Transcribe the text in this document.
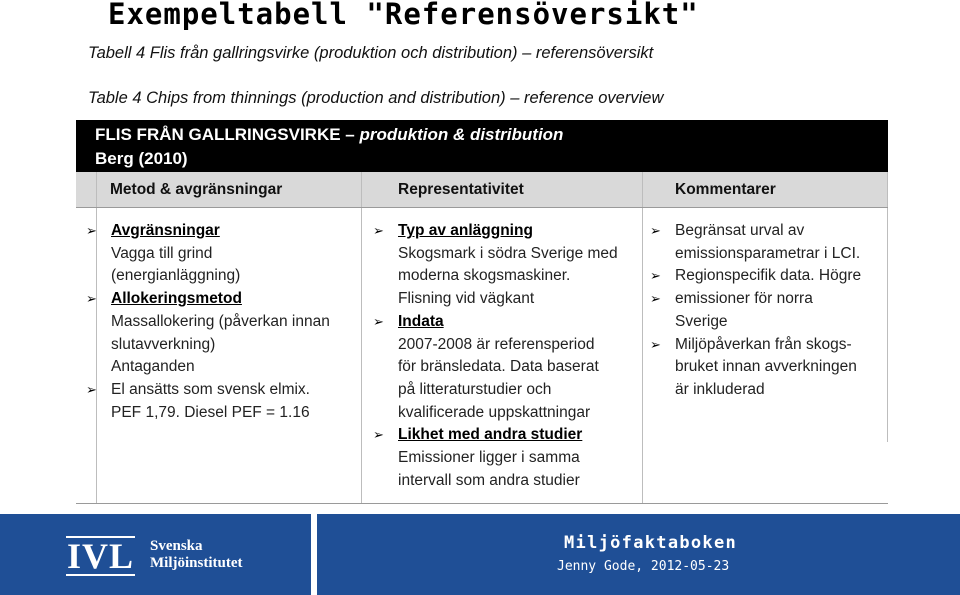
Exempeltabell "Referensöversikt"
Tabell 4 Flis från gallringsvirke (produktion och distribution) – referensöversikt
Table 4 Chips from thinnings (production and distribution) – reference overview
FLIS FRÅN GALLRINGSVIRKE – produktion & distribution
Berg (2010)
Metod & avgränsningar	Representativitet	Kommentarer
➢ Avgränsningar
Vagga till grind
(energianläggning)
➢ Allokeringsmetod
Massallokering (påverkan innan
slutavverkning)
Antaganden
➢ El ansätts som svensk elmix.
PEF 1,79. Diesel PEF = 1.16
➢ Typ av anläggning
Skogsmark i södra Sverige med
moderna skogsmaskiner.
Flisning vid vägkant
➢ Indata
2007-2008 är referensperiod
för bränsledata. Data baserat
på litteraturstudier och
kvalificerade uppskattningar
➢ Likhet med andra studier
Emissioner ligger i samma
intervall som andra studier
➢ Begränsat urval av
emissionsparametrar i LCI.
➢ Regionspecifik data. Högre
➢ emissioner för norra
Sverige
➢ Miljöpåverkan från skogs-
bruket innan avverkningen
är inkluderad
IVL Svenska
Miljöinstitutet
Miljöfaktaboken
Jenny Gode, 2012-05-23
